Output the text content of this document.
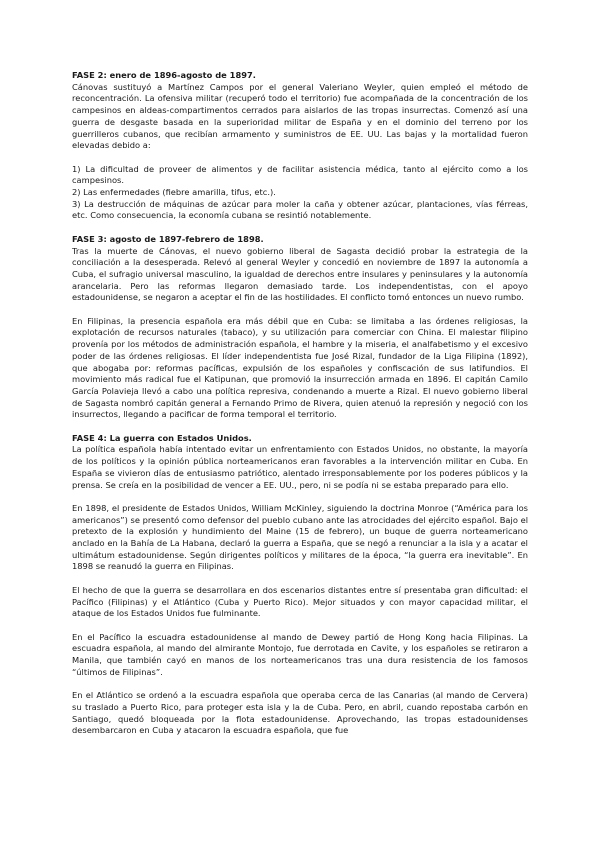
FASE 2: enero de 1896-agosto de 1897.

Cánovas sustituyó a Martínez Campos por el general Valeriano Weyler, quien empleó el método de reconcentración. La ofensiva militar (recuperó todo el territorio) fue acompañada de la concentración de los campesinos en aldeas-compartimentos cerrados para aislarlos de las tropas insurrectas. Comenzó así una guerra de desgaste basada en la superioridad militar de España y en el dominio del terreno por los guerrilleros cubanos, que recibían armamento y suministros de EE. UU. Las bajas y la mortalidad fueron elevadas debido a:

1) La dificultad de proveer de alimentos y de facilitar asistencia médica, tanto al ejército como a los campesinos.

2) Las enfermedades (fiebre amarilla, tifus, etc.).

3) La destrucción de máquinas de azúcar para moler la caña y obtener azúcar, plantaciones, vías férreas, etc. Como consecuencia, la economía cubana se resintió notablemente.

FASE 3: agosto de 1897-febrero de 1898.

Tras la muerte de Cánovas, el nuevo gobierno liberal de Sagasta decidió probar la estrategia de la conciliación a la desesperada. Relevó al general Weyler y concedió en noviembre de 1897 la autonomía a Cuba, el sufragio universal masculino, la igualdad de derechos entre insulares y peninsulares y la autonomía arancelaria. Pero las reformas llegaron demasiado tarde. Los independentistas, con el apoyo estadounidense, se negaron a aceptar el fin de las hostilidades. El conflicto tomó entonces un nuevo rumbo.

En Filipinas, la presencia española era más débil que en Cuba: se limitaba a las órdenes religiosas, la explotación de recursos naturales (tabaco), y su utilización para comerciar con China. El malestar filipino provenía por los métodos de administración española, el hambre y la miseria, el analfabetismo y el excesivo poder de las órdenes religiosas. El líder independentista fue José Rizal, fundador de la Liga Filipina (1892), que abogaba por: reformas pacíficas, expulsión de los españoles y confiscación de sus latifundios. El movimiento más radical fue el Katipunan, que promovió la insurrección armada en 1896. El capitán Camilo García Polavieja llevó a cabo una política represiva, condenando a muerte a Rizal. El nuevo gobierno liberal de Sagasta nombró capitán general a Fernando Primo de Rivera, quien atenuó la represión y negoció con los insurrectos, llegando a pacificar de forma temporal el territorio.

FASE 4: La guerra con Estados Unidos.

La política española había intentado evitar un enfrentamiento con Estados Unidos, no obstante, la mayoría de los políticos y la opinión pública norteamericanos eran favorables a la intervención militar en Cuba. En España se vivieron días de entusiasmo patriótico, alentado irresponsablemente por los poderes públicos y la prensa. Se creía en la posibilidad de vencer a EE. UU., pero, ni se podía ni se estaba preparado para ello.

En 1898, el presidente de Estados Unidos, William McKinley, siguiendo la doctrina Monroe (“América para los americanos”) se presentó como defensor del pueblo cubano ante las atrocidades del ejército español. Bajo el pretexto de la explosión y hundimiento del Maine (15 de febrero), un buque de guerra norteamericano anclado en la Bahía de La Habana, declaró la guerra a España, que se negó a renunciar a la isla y a acatar el ultimátum estadounidense. Según dirigentes políticos y militares de la época, “la guerra era inevitable”. En 1898 se reanudó la guerra en Filipinas.

El hecho de que la guerra se desarrollara en dos escenarios distantes entre sí presentaba gran dificultad: el Pacífico (Filipinas) y el Atlántico (Cuba y Puerto Rico). Mejor situados y con mayor capacidad militar, el ataque de los Estados Unidos fue fulminante.

En el Pacífico la escuadra estadounidense al mando de Dewey partió de Hong Kong hacia Filipinas. La escuadra española, al mando del almirante Montojo, fue derrotada en Cavite, y los españoles se retiraron a Manila, que también cayó en manos de los norteamericanos tras una dura resistencia de los famosos “últimos de Filipinas”.

En el Atlántico se ordenó a la escuadra española que operaba cerca de las Canarias (al mando de Cervera) su traslado a Puerto Rico, para proteger esta isla y la de Cuba. Pero, en abril, cuando repostaba carbón en Santiago, quedó bloqueada por la flota estadounidense. Aprovechando, las tropas estadounidenses desembarcaron en Cuba y atacaron la escuadra española, que fue
